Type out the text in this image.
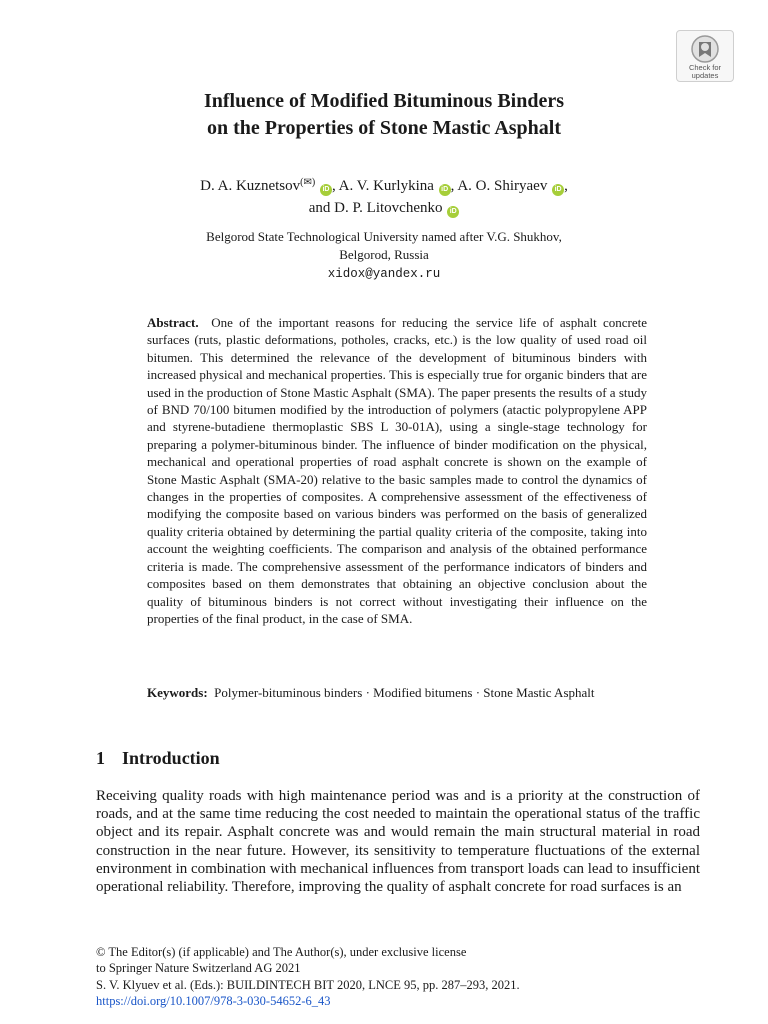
Check for
updates
Influence of Modified Bituminous Binders
on the Properties of Stone Mastic Asphalt
D. A. Kuznetsov(✉) iD , A. V. Kurlykina iD , A. O. Shiryaev iD ,
and D. P. Litovchenko iD
Belgorod State Technological University named after V.G. Shukhov,
Belgorod, Russia
xidox@yandex.ru

Abstract. One of the important reasons for reducing the service life of asphalt concrete surfaces (ruts, plastic deformations, potholes, cracks, etc.) is the low quality of used road oil bitumen. This determined the relevance of the development of bituminous binders with increased physical and mechanical properties. This is especially true for organic binders that are used in the production of Stone Mastic Asphalt (SMA). The paper presents the results of a study of BND 70/100 bitumen modified by the introduction of polymers (atactic polypropylene APP and styrene-butadiene thermoplastic SBS L 30-01A), using a single-stage technology for preparing a polymer-bituminous binder. The influence of binder modification on the physical, mechanical and operational properties of road asphalt concrete is shown on the example of Stone Mastic Asphalt (SMA-20) relative to the basic samples made to control the dynamics of changes in the properties of composites. A comprehensive assessment of the effectiveness of modifying the composite based on various binders was performed on the basis of generalized quality criteria obtained by determining the partial quality criteria of the composite, taking into account the weighting coefficients. The comparison and analysis of the obtained performance criteria is made. The comprehensive assessment of the performance indicators of binders and composites based on them demonstrates that obtaining an objective conclusion about the quality of bituminous binders is not correct without investigating their influence on the properties of the final product, in the case of SMA.

Keywords: Polymer-bituminous binders · Modified bitumens · Stone Mastic Asphalt

1 Introduction

Receiving quality roads with high maintenance period was and is a priority at the construction of roads, and at the same time reducing the cost needed to maintain the operational status of the traffic object and its repair. Asphalt concrete was and would remain the main structural material in road construction in the near future. However, its sensitivity to temperature fluctuations of the external environment in combination with mechanical influences from transport loads can lead to insufficient operational reliability. Therefore, improving the quality of asphalt concrete for road surfaces is an

© The Editor(s) (if applicable) and The Author(s), under exclusive license
to Springer Nature Switzerland AG 2021
S. V. Klyuev et al. (Eds.): BUILDINTECH BIT 2020, LNCE 95, pp. 287–293, 2021.
https://doi.org/10.1007/978-3-030-54652-6_43
